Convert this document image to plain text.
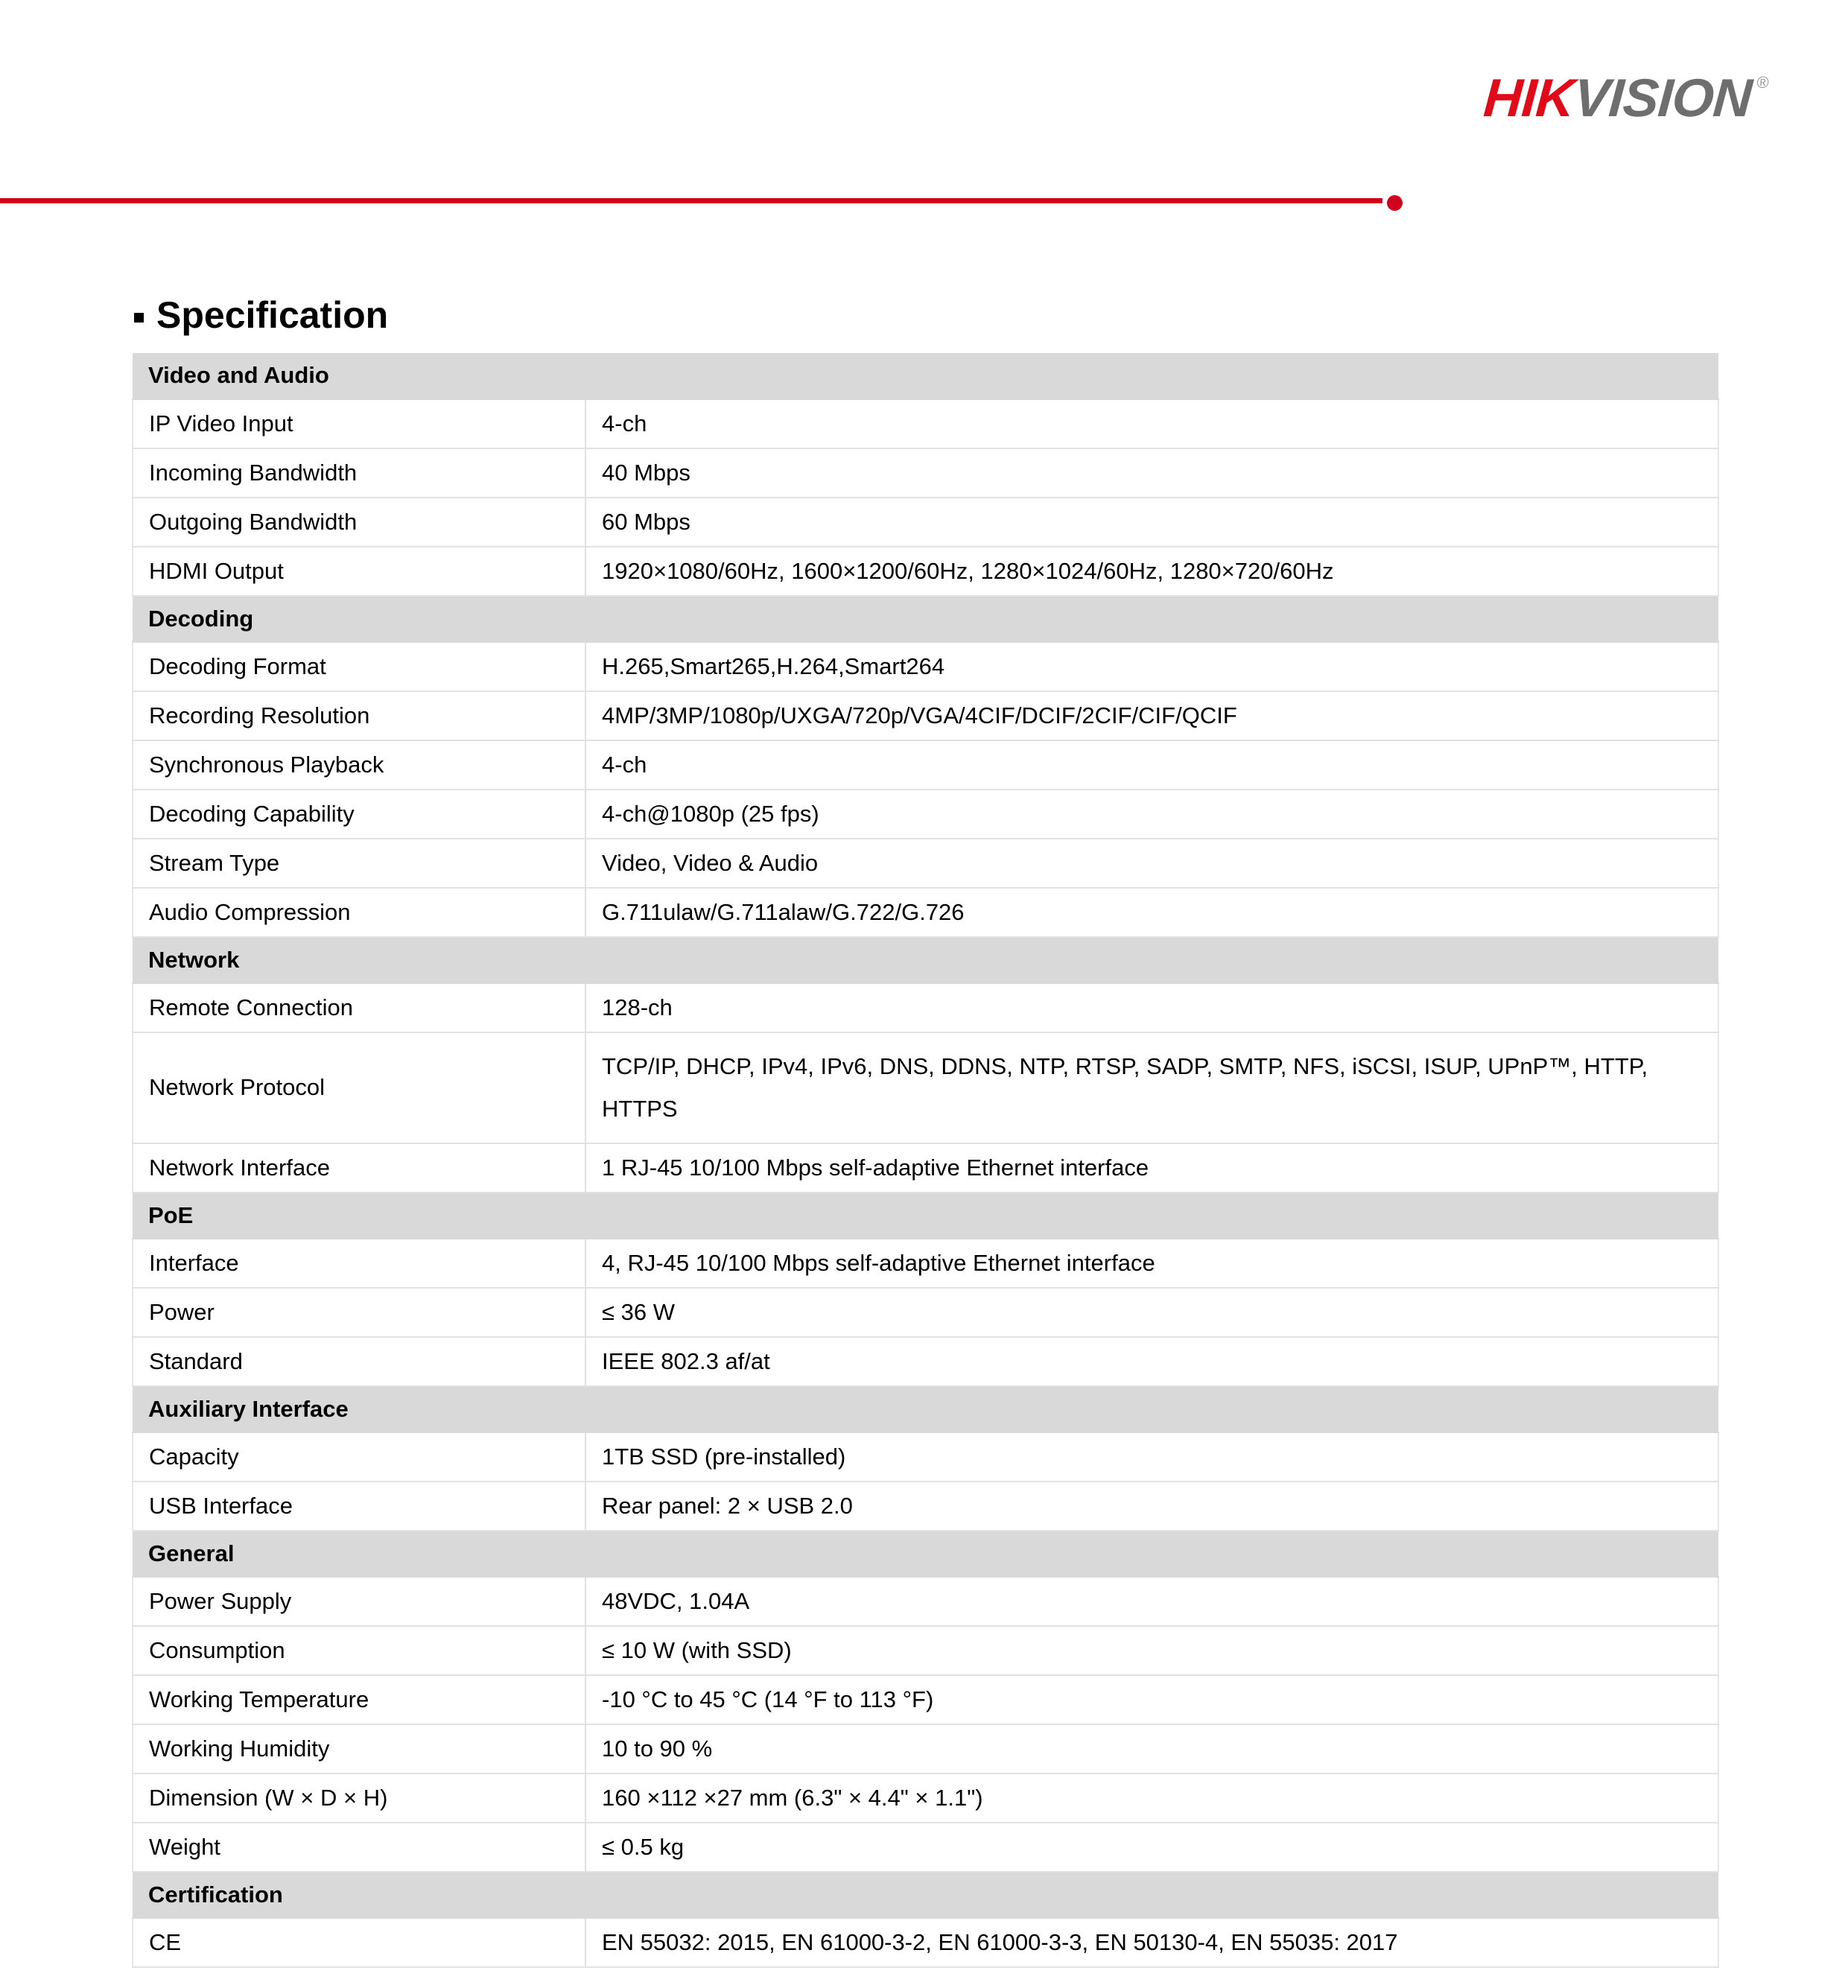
HIK
VISION ®
Specification
Video and Audio	
IP Video Input	4-ch
Incoming Bandwidth	40 Mbps
Outgoing Bandwidth	60 Mbps
HDMI Output	1920×1080/60Hz, 1600×1200/60Hz, 1280×1024/60Hz, 1280×720/60Hz
Decoding	
Decoding Format	H.265,Smart265,H.264,Smart264
Recording Resolution	4MP/3MP/1080p/UXGA/720p/VGA/4CIF/DCIF/2CIF/CIF/QCIF
Synchronous Playback	4-ch
Decoding Capability	4-ch@1080p (25 fps)
Stream Type	Video, Video & Audio
Audio Compression	G.711ulaw/G.711alaw/G.722/G.726
Network	
Remote Connection	128-ch
Network Protocol	TCP/IP, DHCP, IPv4, IPv6, DNS, DDNS, NTP, RTSP, SADP, SMTP, NFS, iSCSI, ISUP, UPnP™, HTTP, HTTPS
Network Interface	1 RJ-45 10/100 Mbps self-adaptive Ethernet interface
PoE	
Interface	4, RJ-45 10/100 Mbps self-adaptive Ethernet interface
Power	≤ 36 W
Standard	IEEE 802.3 af/at
Auxiliary Interface	
Capacity	1TB SSD (pre-installed)
USB Interface	Rear panel: 2 × USB 2.0
General	
Power Supply	48VDC, 1.04A
Consumption	≤ 10 W (with SSD)
Working Temperature	-10 °C to 45 °C (14 °F to 113 °F)
Working Humidity	10 to 90 %
Dimension (W × D × H)	160 ×112 ×27 mm (6.3" × 4.4" × 1.1")
Weight	≤ 0.5 kg
Certification	
CE	EN 55032: 2015, EN 61000-3-2, EN 61000-3-3, EN 50130-4, EN 55035: 2017
